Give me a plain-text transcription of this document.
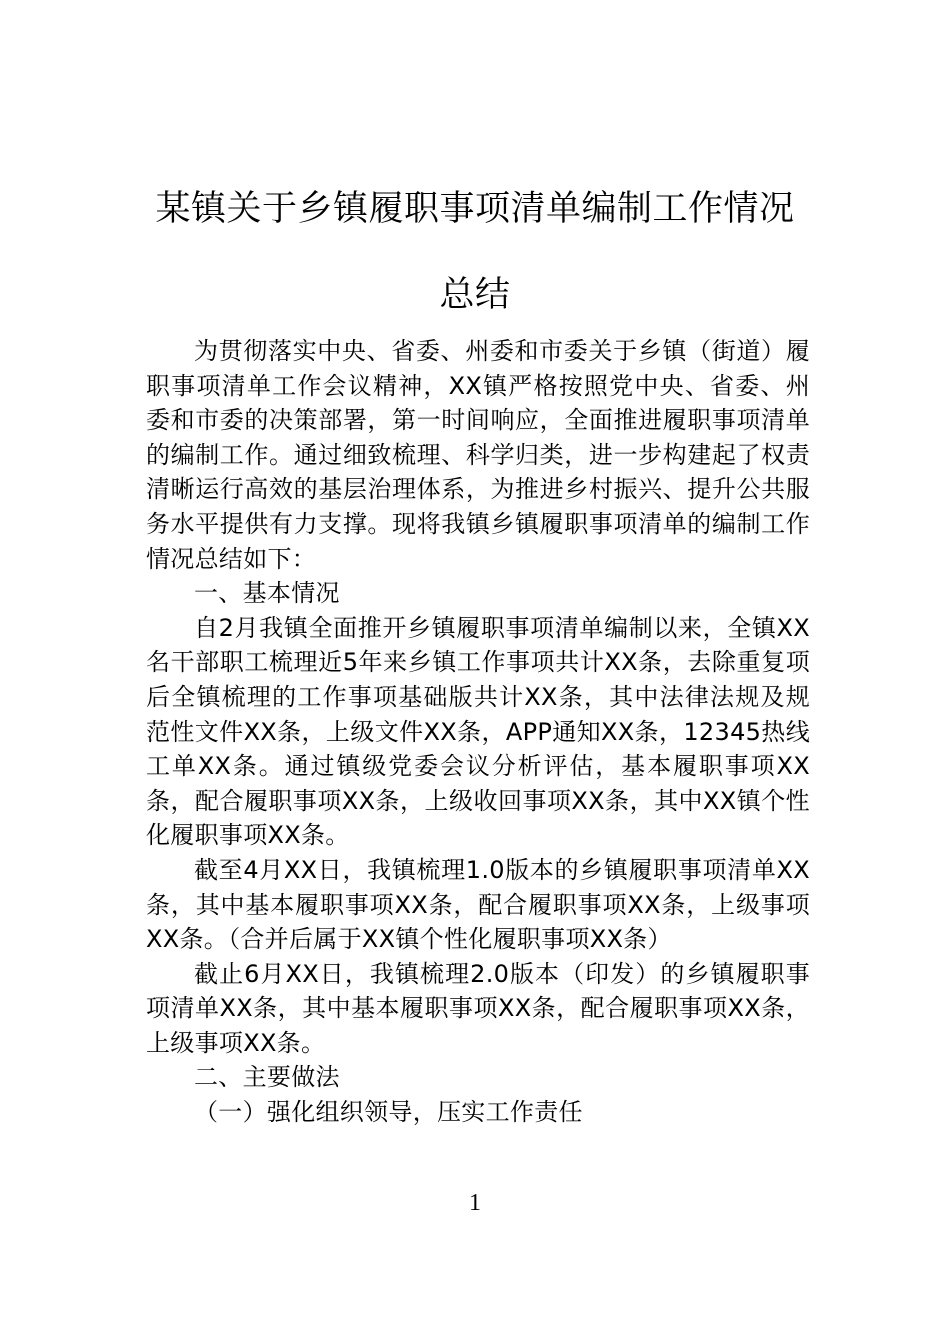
某镇关于乡镇履职事项清单编制工作情况
总结

为贯彻落实中央、省委、州委和市委关于乡镇（街道）履职事项清单工作会议精神，XX镇严格按照党中央、省委、州委和市委的决策部署，第一时间响应，全面推进履职事项清单的编制工作。通过细致梳理、科学归类，进一步构建起了权责清晰运行高效的基层治理体系，为推进乡村振兴、提升公共服务水平提供有力支撑。现将我镇乡镇履职事项清单的编制工作情况总结如下：

一、基本情况

自2月我镇全面推开乡镇履职事项清单编制以来，全镇XX名干部职工梳理近5年来乡镇工作事项共计XX条，去除重复项后全镇梳理的工作事项基础版共计XX条，其中法律法规及规范性文件XX条，上级文件XX条，APP通知XX条，12345热线工单XX条。通过镇级党委会议分析评估，基本履职事项XX条，配合履职事项XX条，上级收回事项XX条，其中XX镇个性化履职事项XX条。

截至4月XX日，我镇梳理1.0版本的乡镇履职事项清单XX条，其中基本履职事项XX条，配合履职事项XX条，上级事项XX条。（合并后属于XX镇个性化履职事项XX条）

截止6月XX日，我镇梳理2.0版本（印发）的乡镇履职事项清单XX条，其中基本履职事项XX条，配合履职事项XX条，上级事项XX条。

二、主要做法

（一）强化组织领导，压实工作责任

1
